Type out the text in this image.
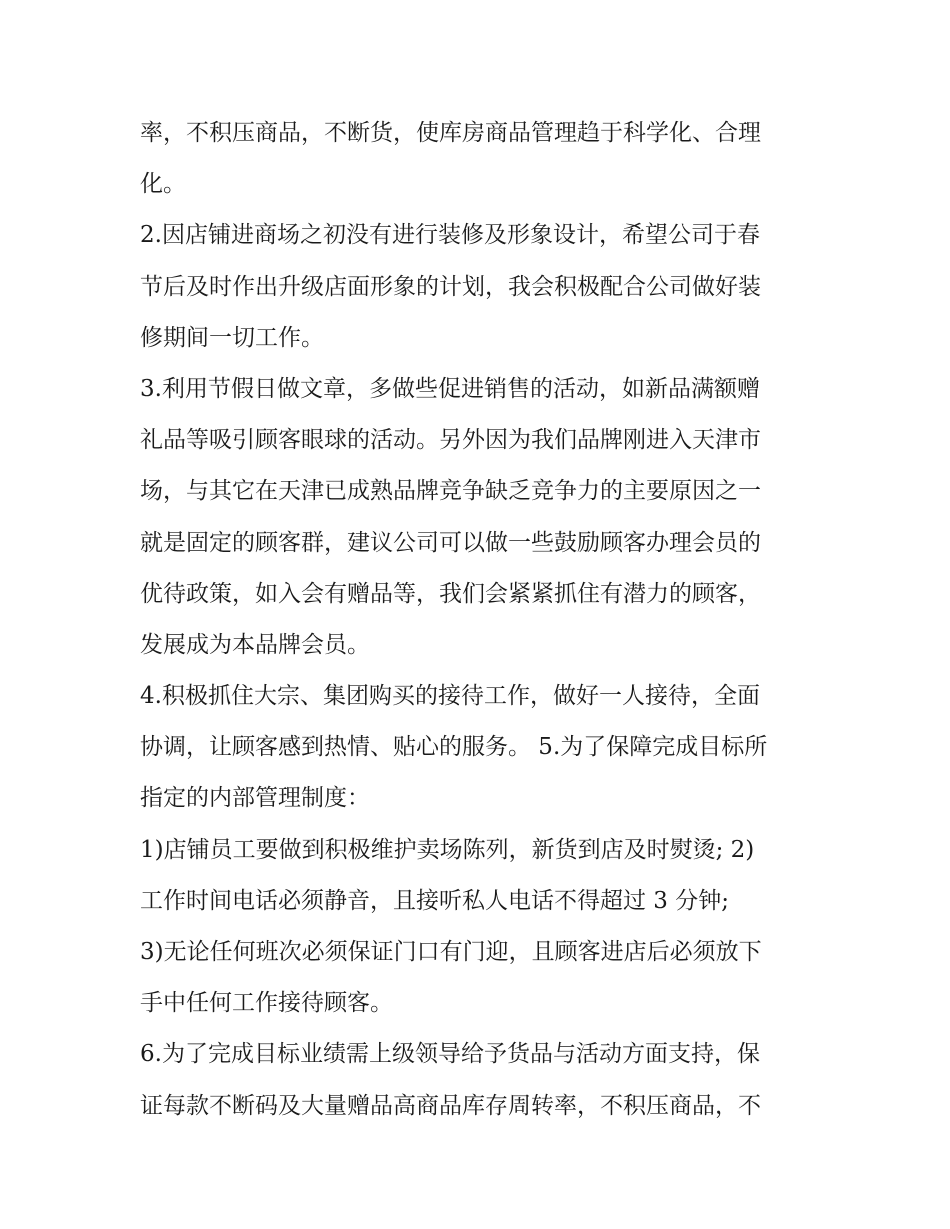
率，不积压商品，不断货，使库房商品管理趋于科学化、合理
化。
2.因店铺进商场之初没有进行装修及形象设计，希望公司于春
节后及时作出升级店面形象的计划，我会积极配合公司做好装
修期间一切工作。
3.利用节假日做文章，多做些促进销售的活动，如新品满额赠
礼品等吸引顾客眼球的活动。另外因为我们品牌刚进入天津市
场，与其它在天津已成熟品牌竞争缺乏竞争力的主要原因之一
就是固定的顾客群，建议公司可以做一些鼓励顾客办理会员的
优待政策，如入会有赠品等，我们会紧紧抓住有潜力的顾客，
发展成为本品牌会员。
4.积极抓住大宗、集团购买的接待工作，做好一人接待，全面
协调，让顾客感到热情、贴心的服务。 5.为了保障完成目标所
指定的内部管理制度：
1)店铺员工要做到积极维护卖场陈列，新货到店及时熨烫; 2)
工作时间电话必须静音，且接听私人电话不得超过 3 分钟;
3)无论任何班次必须保证门口有门迎，且顾客进店后必须放下
手中任何工作接待顾客。
6.为了完成目标业绩需上级领导给予货品与活动方面支持，保
证每款不断码及大量赠品高商品库存周转率，不积压商品，不
